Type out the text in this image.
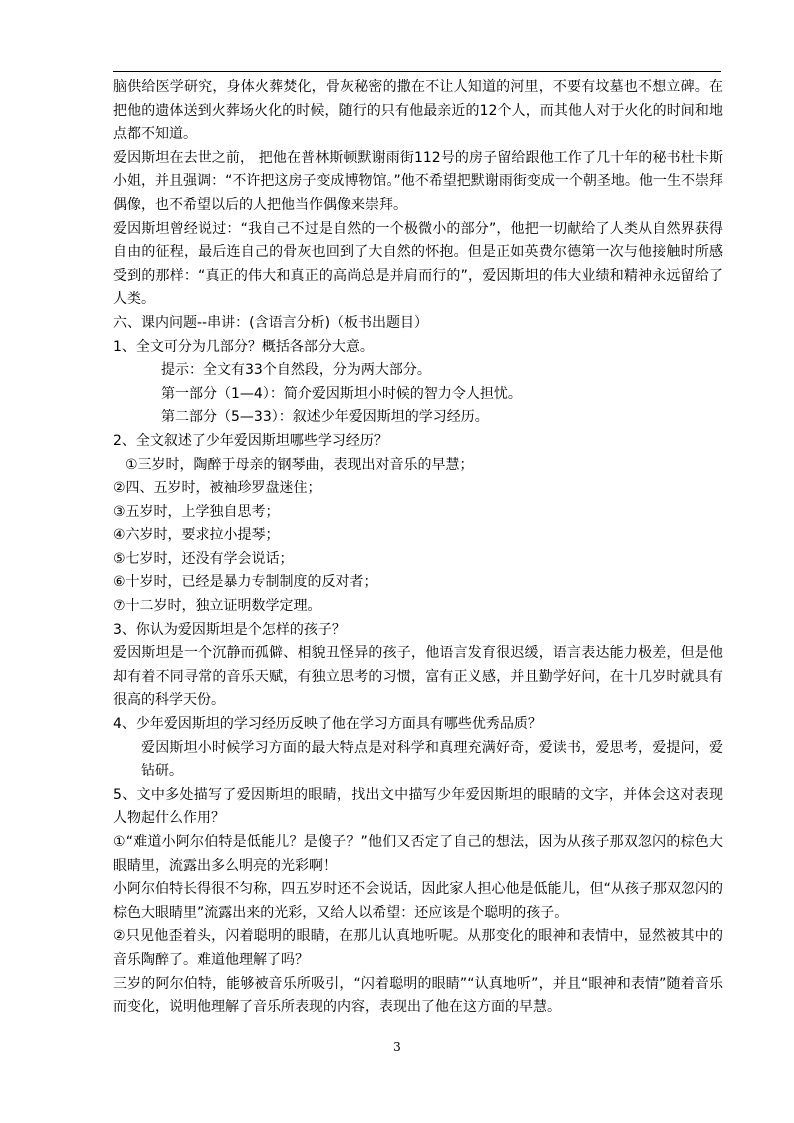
脑供给医学研究，身体火葬焚化，骨灰秘密的撒在不让人知道的河里，不要有坟墓也不想立碑。在把他的遗体送到火葬场火化的时候，随行的只有他最亲近的12个人，而其他人对于火化的时间和地点都不知道。

爱因斯坦在去世之前， 把他在普林斯顿默谢雨街112号的房子留给跟他工作了几十年的秘书杜卡斯小姐，并且强调：“不许把这房子变成博物馆。”他不希望把默谢雨街变成一个朝圣地。他一生不崇拜偶像，也不希望以后的人把他当作偶像来崇拜。

爱因斯坦曾经说过：“我自己不过是自然的一个极微小的部分”，他把一切献给了人类从自然界获得自由的征程，最后连自己的骨灰也回到了大自然的怀抱。但是正如英费尔德第一次与他接触时所感受到的那样：“真正的伟大和真正的高尚总是并肩而行的”，爱因斯坦的伟大业绩和精神永远留给了人类。

六、课内问题--串讲：(含语言分析)（板书出题目）

1、全文可分为几部分？概括各部分大意。

提示：全文有33个自然段，分为两大部分。

第一部分（1—4）：简介爱因斯坦小时候的智力令人担忧。

第二部分（5—33）：叙述少年爱因斯坦的学习经历。

2、全文叙述了少年爱因斯坦哪些学习经历？

①三岁时，陶醉于母亲的钢琴曲，表现出对音乐的早慧；

②四、五岁时，被袖珍罗盘迷住；

③五岁时，上学独自思考；

④六岁时，要求拉小提琴；

⑤七岁时，还没有学会说话；

⑥十岁时，已经是暴力专制制度的反对者；

⑦十二岁时，独立证明数学定理。

3、你认为爱因斯坦是个怎样的孩子？

爱因斯坦是一个沉静而孤僻、相貌丑怪异的孩子，他语言发育很迟缓，语言表达能力极差，但是他却有着不同寻常的音乐天赋，有独立思考的习惯，富有正义感，并且勤学好问，在十几岁时就具有很高的科学天份。

4、少年爱因斯坦的学习经历反映了他在学习方面具有哪些优秀品质？

爱因斯坦小时候学习方面的最大特点是对科学和真理充满好奇，爱读书，爱思考，爱提问，爱钻研。

5、文中多处描写了爱因斯坦的眼睛，找出文中描写少年爱因斯坦的眼睛的文字，并体会这对表现人物起什么作用？

①“难道小阿尔伯特是低能儿？是傻子？”他们又否定了自己的想法，因为从孩子那双忽闪的棕色大眼睛里，流露出多么明亮的光彩啊！

小阿尔伯特长得很不匀称，四五岁时还不会说话，因此家人担心他是低能儿，但“从孩子那双忽闪的棕色大眼睛里”流露出来的光彩，又给人以希望：还应该是个聪明的孩子。

②只见他歪着头，闪着聪明的眼睛，在那儿认真地听呢。从那变化的眼神和表情中，显然被其中的音乐陶醉了。难道他理解了吗？

三岁的阿尔伯特，能够被音乐所吸引，“闪着聪明的眼睛”“认真地听”，并且“眼神和表情”随着音乐而变化，说明他理解了音乐所表现的内容，表现出了他在这方面的早慧。

3
